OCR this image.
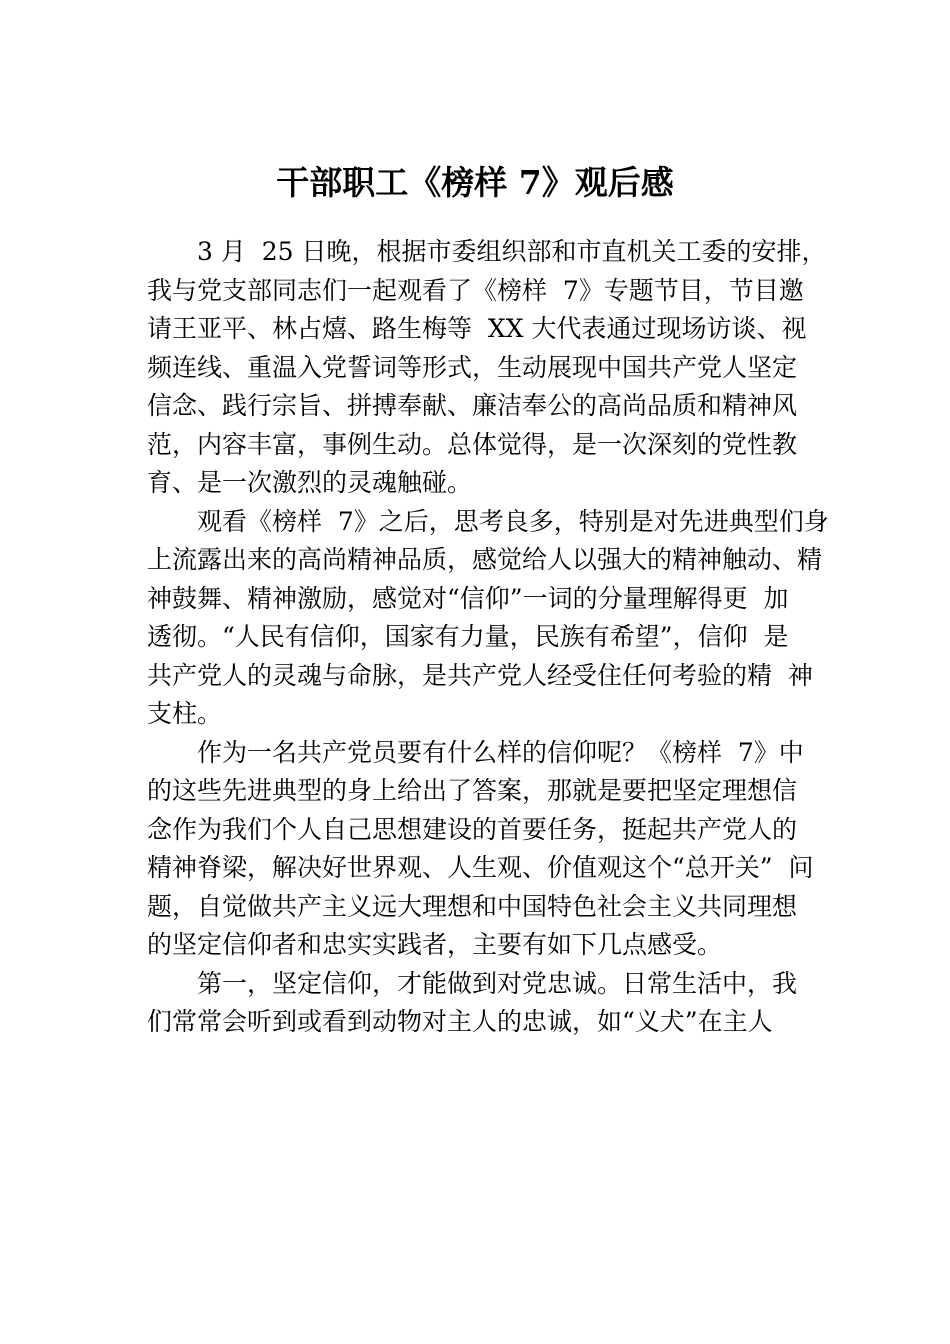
干部职工《榜样 7》观后感

3 月  25 日晚，根据市委组织部和市直机关工委的安排，

我与党支部同志们一起观看了《榜样  7》专题节目，节目邀

请王亚平、林占熺、路生梅等  XX 大代表通过现场访谈、视

频连线、重温入党誓词等形式，生动展现中国共产党人坚定

信念、践行宗旨、拼搏奉献、廉洁奉公的高尚品质和精神风

范，内容丰富，事例生动。总体觉得，是一次深刻的党性教

育、是一次激烈的灵魂触碰。

观看《榜样  7》之后，思考良多，特别是对先进典型们身

上流露出来的高尚精神品质，感觉给人以强大的精神触动、精

神鼓舞、精神激励，感觉对“信仰”一词的分量理解得更  加

透彻。“人民有信仰，国家有力量，民族有希望”，信仰  是

共产党人的灵魂与命脉，是共产党人经受住任何考验的精  神

支柱。

作为一名共产党员要有什么样的信仰呢？《榜样  7》中

的这些先进典型的身上给出了答案，那就是要把坚定理想信

念作为我们个人自己思想建设的首要任务，挺起共产党人的

精神脊梁，解决好世界观、人生观、价值观这个“总开关”  问

题，自觉做共产主义远大理想和中国特色社会主义共同理想

的坚定信仰者和忠实实践者，主要有如下几点感受。

第一，坚定信仰，才能做到对党忠诚。日常生活中，我

们常常会听到或看到动物对主人的忠诚，如“义犬”在主人
